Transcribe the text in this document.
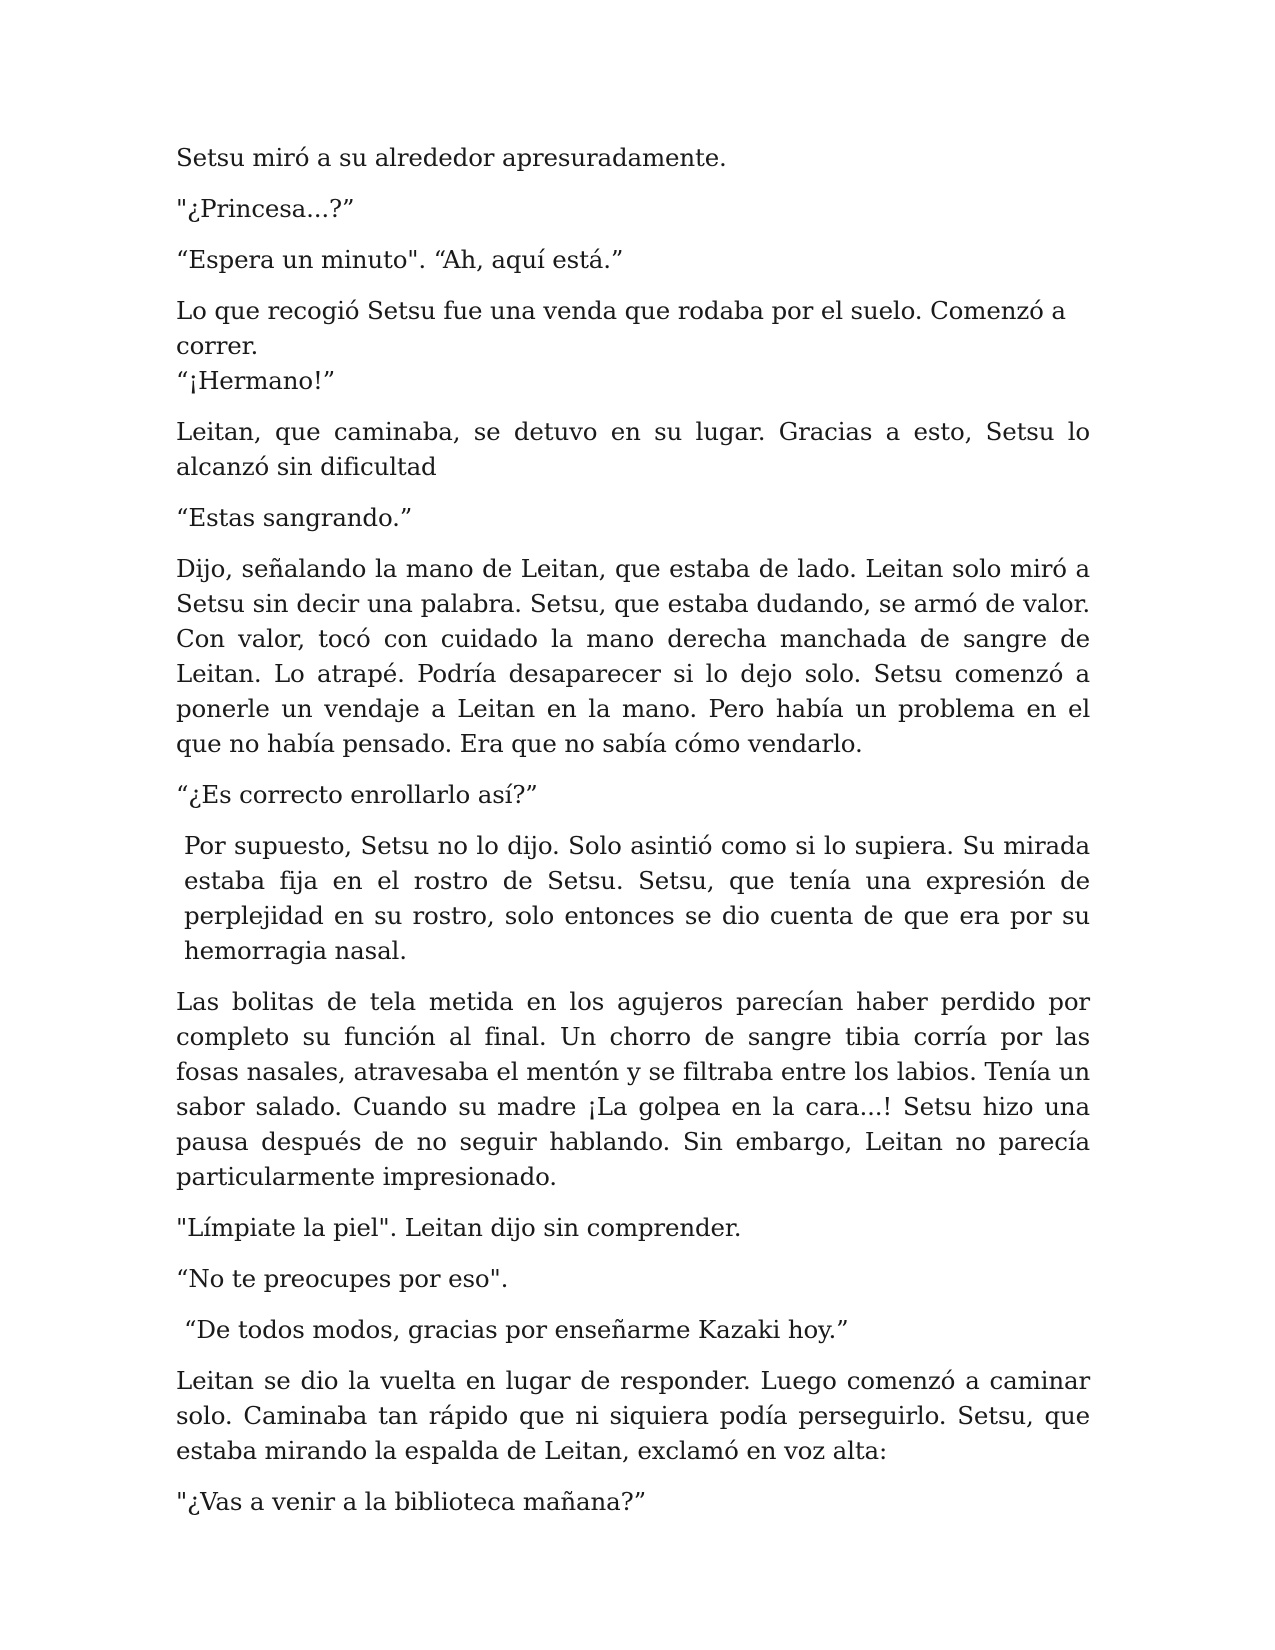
Setsu miró a su alrededor apresuradamente.

"¿Princesa...?”

“Espera un minuto". “Ah, aquí está.”

Lo que recogió Setsu fue una venda que rodaba por el suelo. Comenzó a correr.
“¡Hermano!”

Leitan, que caminaba, se detuvo en su lugar. Gracias a esto, Setsu lo alcanzó sin dificultad

“Estas sangrando.”

Dijo, señalando la mano de Leitan, que estaba de lado. Leitan solo miró a Setsu sin decir una palabra. Setsu, que estaba dudando, se armó de valor. Con valor, tocó con cuidado la mano derecha manchada de sangre de Leitan. Lo atrapé. Podría desaparecer si lo dejo solo. Setsu comenzó a ponerle un vendaje a Leitan en la mano. Pero había un problema en el que no había pensado. Era que no sabía cómo vendarlo.

“¿Es correcto enrollarlo así?”

Por supuesto, Setsu no lo dijo. Solo asintió como si lo supiera. Su mirada estaba fija en el rostro de Setsu. Setsu, que tenía una expresión de perplejidad en su rostro, solo entonces se dio cuenta de que era por su hemorragia nasal.

Las bolitas de tela metida en los agujeros parecían haber perdido por completo su función al final. Un chorro de sangre tibia corría por las fosas nasales, atravesaba el mentón y se filtraba entre los labios. Tenía un sabor salado. Cuando su madre ¡La golpea en la cara...! Setsu hizo una pausa después de no seguir hablando. Sin embargo, Leitan no parecía particularmente impresionado.

"Límpiate la piel". Leitan dijo sin comprender.

“No te preocupes por eso".

“De todos modos, gracias por enseñarme Kazaki hoy.”

Leitan se dio la vuelta en lugar de responder. Luego comenzó a caminar solo. Caminaba tan rápido que ni siquiera podía perseguirlo. Setsu, que estaba mirando la espalda de Leitan, exclamó en voz alta:

"¿Vas a venir a la biblioteca mañana?”
